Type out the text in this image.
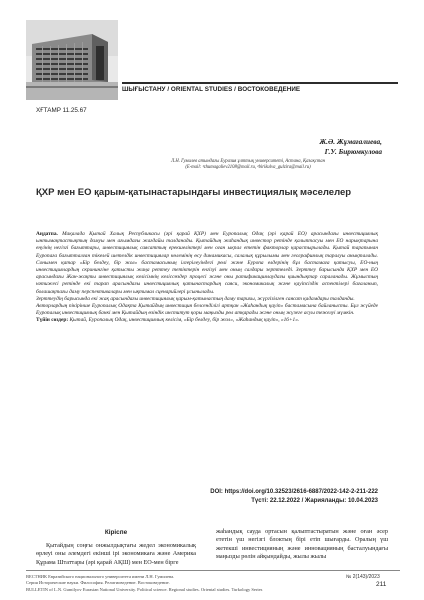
ШЫҒЫСТАНУ / ORIENTAL STUDIES / ВОСТОКОВЕДЕНИЕ
ХҒТАМР 11.25.67
Ж.Ә. Жұмағалиева,
Г.У. Бирюмкулова
Л.Н. Гумилев атындағы Еуразия ұлттық университеті, Астана, Қазақстан
(E-mail: ¹zhumagaliev2108@mail.ru, ²birikulva_gulzira@mail.ru)
ҚХР мен ЕО қарым-қатынастарындағы инвестициялық мәселелер

Аңдатпа. Мақалада Қытай Халық Республикасы (әрі қарай ҚХР) мен Еуропалық Одақ (әрі қарай ЕО) арасындағы инвестициялық ынтымақтастықтың дамуы мен ағымдағы жағдайы талданады. Қытайдың жаһандық инвестор ретінде қалыптасуы мен ЕО нарықтарына енуінің негізгі бағыттары, инвестициялық саясаттың ерекшеліктері мен оған ықпал ететін факторлар қарастырылады. Қытай тарапынан Еуропаға бағытталған тікелей шетелдік инвестициялар көлемінің өсу динамикасы, салалық құрылымы мен географиялық таралуы анықталады. Сонымен қатар «Бір белдеу, бір жол» бастамасының ілгерілеуіндегі рөлі және Еуропа елдерінің бұл бастамаға қатысуы, ЕО-ның инвестициялардың скринингіне қатысты жаңа реттеу тетіктерін енгізуі мен оның салдары зерттеледі. Зерттеу барысында ҚХР мен ЕО арасындағы Жан-жақты инвестициялық келісімнің келіссөздер процесі және оны ратификациялаудағы қиындықтар сараланады. Жұмыстың нәтижесі ретінде екі тарап арасындағы инвестициялық қатынастардың саяси, экономикалық және қауіпсіздік аспектілері бағаланып, болашақтағы даму перспективалары мен ықтимал сценарийлері ұсынылады.

Зерттеудің барысында екі жақ арасындағы инвестициялық қарым-қатынастың даму тарихы, жүргізілген саясат қадамдары талданды.

Авторлардың пікірінше Еуропалық Одақта Қытайдың инвестиция белсенділігі артқан «Жаһандық қауіп» бастамасына байланысты. Бұл жүйеде Еуропалық инвестициялық банкі мен Қытайдың өзіндік институт қоры маңызды рөл атқарады және оның жүзеге асуы тежелуі мүмкін.

Түйін сөздер: Қытай, Еуропалық Одақ, инвестициялық келісім, «Бір белдеу, бір жол», «Жаһандық қауіп», «16+1».

DOI: https://doi.org/10.32523/2616-6887/2022-142-2-211-222
Түсті: 22.12.2022 / Жарияланды: 10.04.2023
Кіріспе

Қытайдың соңғы онжылдықтағы жедел экономикалық өрлеуі оны әлемдегі екінші ірі экономикаға және Америка Құрама Штаттары (әрі қарай АҚШ) мен ЕО-мен бірге

жаһандық сауда ортасын қалыптастыратын және оған әсер ететін үш негізгі блоктың бірі етіп шығарды. Оралың үш жетекші инвестицияның және инновацияның басталуындағы маңызды рөлін айқындайды, жылы жылы

ВЕСТНИК Евразийского национального университета имени Л.Н. Гумилева.
Серия Исторические науки. Философия. Религиоведение. Востоковедение.
BULLETIN of L.N. Gumilyov Eurasian National University. Political science. Regional studies. Oriental studies. Turkology Series
№ 2(143)/2023
211
